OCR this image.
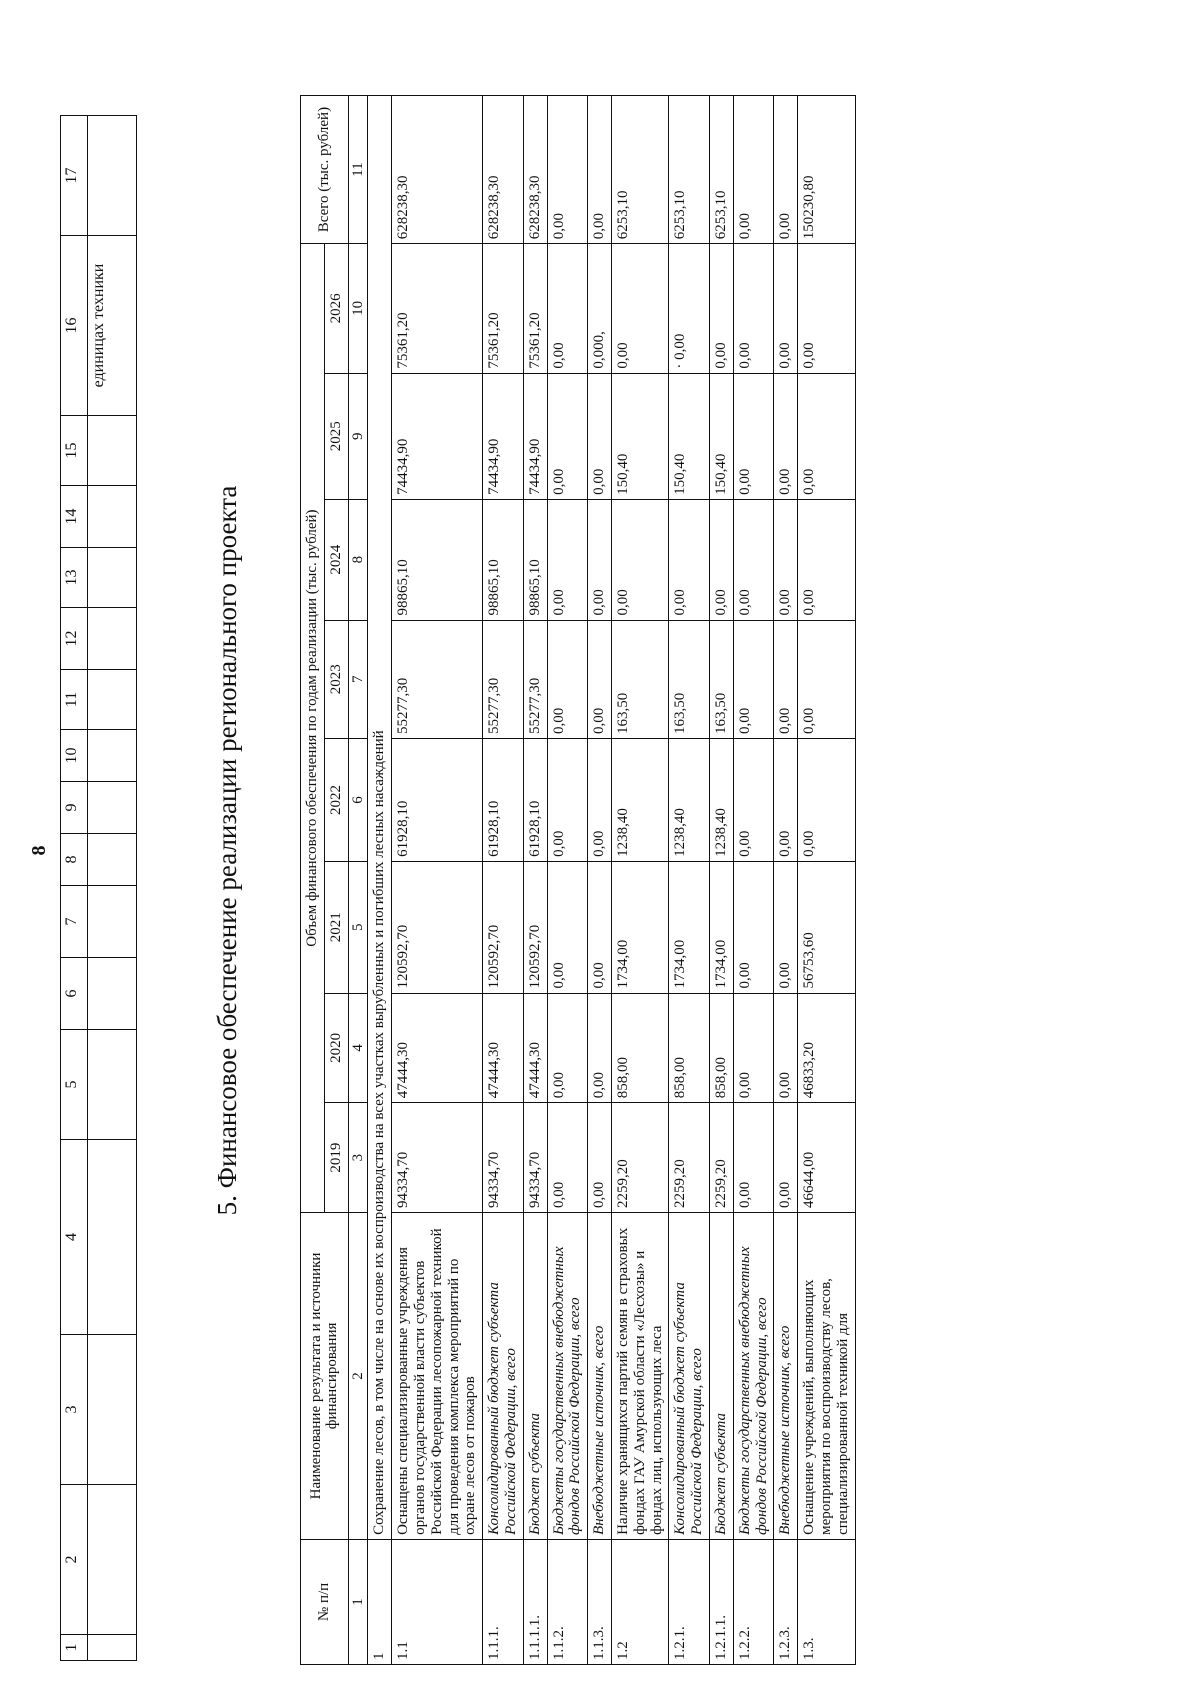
8
1	2	3	4	5	6	7	8	9	10	11	12	13	14	15	16	17
															единицах техники	
5. Финансовое обеспечение реализации регионального проекта
№ п/п	Наименование результата и источники финансирования	Объем финансового обеспечения по годам реализации (тыс. рублей)								Всего (тыс. рублей)
		2019	2020	2021	2022	2023	2024	2025	2026	
1	2	3	4	5	6	7	8	9	10	11
1	Сохранение лесов, в том числе на основе их воспроизводства на всех участках вырубленных и погибших лесных насаждений									
1.1	Оснащены специализированные учреждения органов государственной власти субъектов Российской Федерации лесопожарной техникой для проведения комплекса мероприятий по охране лесов от пожаров	94334,70	47444,30	120592,70	61928,10	55277,30	98865,10	74434,90	75361,20	628238,30
1.1.1.	Консолидированный бюджет субъекта Российской Федерации, всего	94334,70	47444,30	120592,70	61928,10	55277,30	98865,10	74434,90	75361,20	628238,30
1.1.1.1.	Бюджет субъекта	94334,70	47444,30	120592,70	61928,10	55277,30	98865,10	74434,90	75361,20	628238,30
1.1.2.	Бюджеты государственных внебюджетных фондов Российской Федерации, всего	0,00	0,00	0,00	0,00	0,00	0,00	0,00	0,00	0,00
1.1.3.	Внебюджетные источник, всего	0,00	0,00	0,00	0,00	0,00	0,00	0,00	0,000,	0,00
1.2	Наличие хранящихся партий семян в страховых фондах ГАУ Амурской области «Лесхозы» и фондах лиц, использующих леса	2259,20	858,00	1734,00	1238,40	163,50	0,00	150,40	0,00	6253,10
1.2.1.	Консолидированный бюджет субъекта Российской Федерации, всего	2259,20	858,00	1734,00	1238,40	163,50	0,00	150,40	· 0,00	6253,10
1.2.1.1.	Бюджет субъекта	2259,20	858,00	1734,00	1238,40	163,50	0,00	150,40	0,00	6253,10
1.2.2.	Бюджеты государственных внебюджетных фондов Российской Федерации, всего	0,00	0,00	0,00	0,00	0,00	0,00	0,00	0,00	0,00
1.2.3.	Внебюджетные источник, всего	0,00	0,00	0,00	0,00	0,00	0,00	0,00	0,00	0,00
1.3.	Оснащение учреждений, выполняющих мероприятия по воспроизводству лесов, специализированной техникой для	46644,00	46833,20	56753,60	0,00	0,00	0,00	0,00	0,00	150230,80
